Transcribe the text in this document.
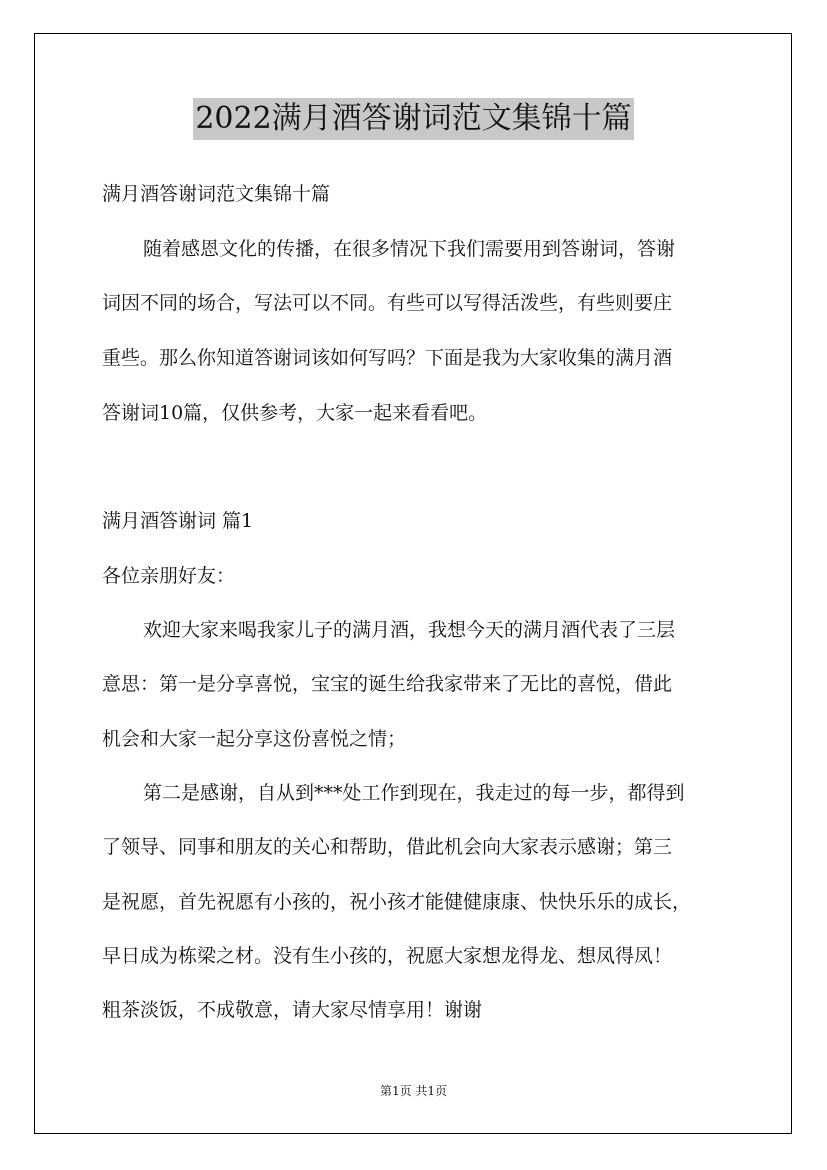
2022满月酒答谢词范文集锦十篇
满月酒答谢词范文集锦十篇
随着感恩文化的传播，在很多情况下我们需要用到答谢词，答谢
词因不同的场合，写法可以不同。有些可以写得活泼些，有些则要庄
重些。那么你知道答谢词该如何写吗？下面是我为大家收集的满月酒
答谢词10篇，仅供参考，大家一起来看看吧。
满月酒答谢词 篇1
各位亲朋好友：
欢迎大家来喝我家儿子的满月酒，我想今天的满月酒代表了三层
意思：第一是分享喜悦，宝宝的诞生给我家带来了无比的喜悦，借此
机会和大家一起分享这份喜悦之情；
第二是感谢，自从到***处工作到现在，我走过的每一步，都得到
了领导、同事和朋友的关心和帮助，借此机会向大家表示感谢；第三
是祝愿，首先祝愿有小孩的，祝小孩才能健健康康、快快乐乐的成长，
早日成为栋梁之材。没有生小孩的，祝愿大家想龙得龙、想凤得凤！
粗茶淡饭，不成敬意，请大家尽情享用！谢谢
第1页 共1页
